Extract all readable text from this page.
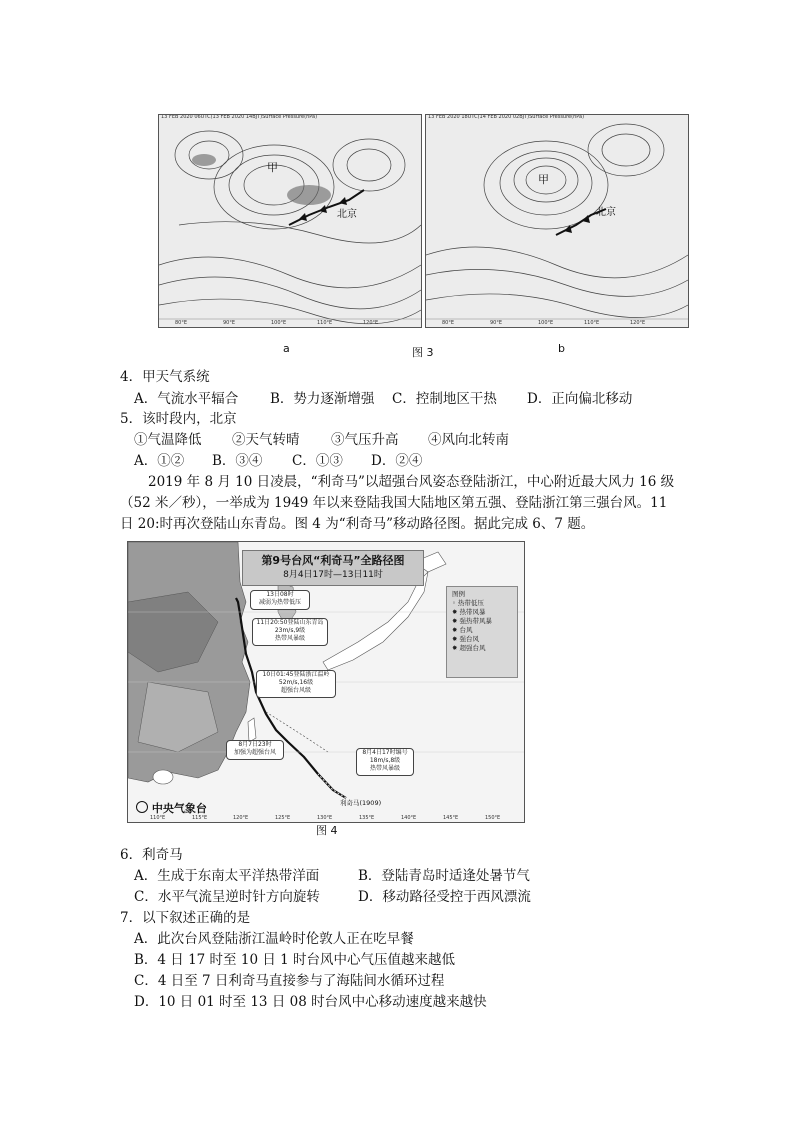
13 FEB 2020 06UTC(13 FEB 2020 14BJT)Surface Pressure(hPa)
甲
北京
80°E	90°E	100°E	110°E	120°E
13 FEB 2020 18UTC(14 FEB 2020 02BJT)Surface Pressure(hPa)
甲
北京
80°E	90°E	100°E	110°E	120°E
a	图 3	b
4．甲天气系统
A．气流水平辐合 B．势力逐渐增强 C．控制地区干热 D．正向偏北移动
5．该时段内，北京
①气温降低 ②天气转晴 ③气压升高 ④风向北转南
A．①② B．③④ C．①③ D．②④
2019 年 8 月 10 日凌晨，“利奇马”以超强台风姿态登陆浙江，中心附近最大风力 16 级
（52 米／秒），一举成为 1949 年以来登陆我国大陆地区第五强、登陆浙江第三强台风。11
日 20:时再次登陆山东青岛。图 4 为“利奇马”移动路径图。据此完成 6、7 题。
第9号台风“利奇马”全路径图
8月4日17时—13日11时
图例
◦ 热带低压
✸ 热带风暴
✸ 强热带风暴
✸ 台风
✸ 强台风
✸ 超强台风
13日08时
减弱为热带低压
11日20:50登陆山东青岛
23m/s,9级
热带风暴级
10日01:45登陆浙江温岭
52m/s,16级
超强台风级
8月7日23时
加强为超强台风	8月4日17时编号
18m/s,8级
热带风暴级
利奇马(1909)
中央气象台
110°E	115°E	120°E	125°E	130°E	135°E	140°E	145°E	150°E
图 4
6．利奇马
A．生成于东南太平洋热带洋面	B．登陆青岛时适逢处暑节气
C．水平气流呈逆时针方向旋转	D．移动路径受控于西风漂流
7．以下叙述正确的是
A．此次台风登陆浙江温岭时伦敦人正在吃早餐
B．4 日 17 时至 10 日 1 时台风中心气压值越来越低
C．4 日至 7 日利奇马直接参与了海陆间水循环过程
D．10 日 01 时至 13 日 08 时台风中心移动速度越来越快
